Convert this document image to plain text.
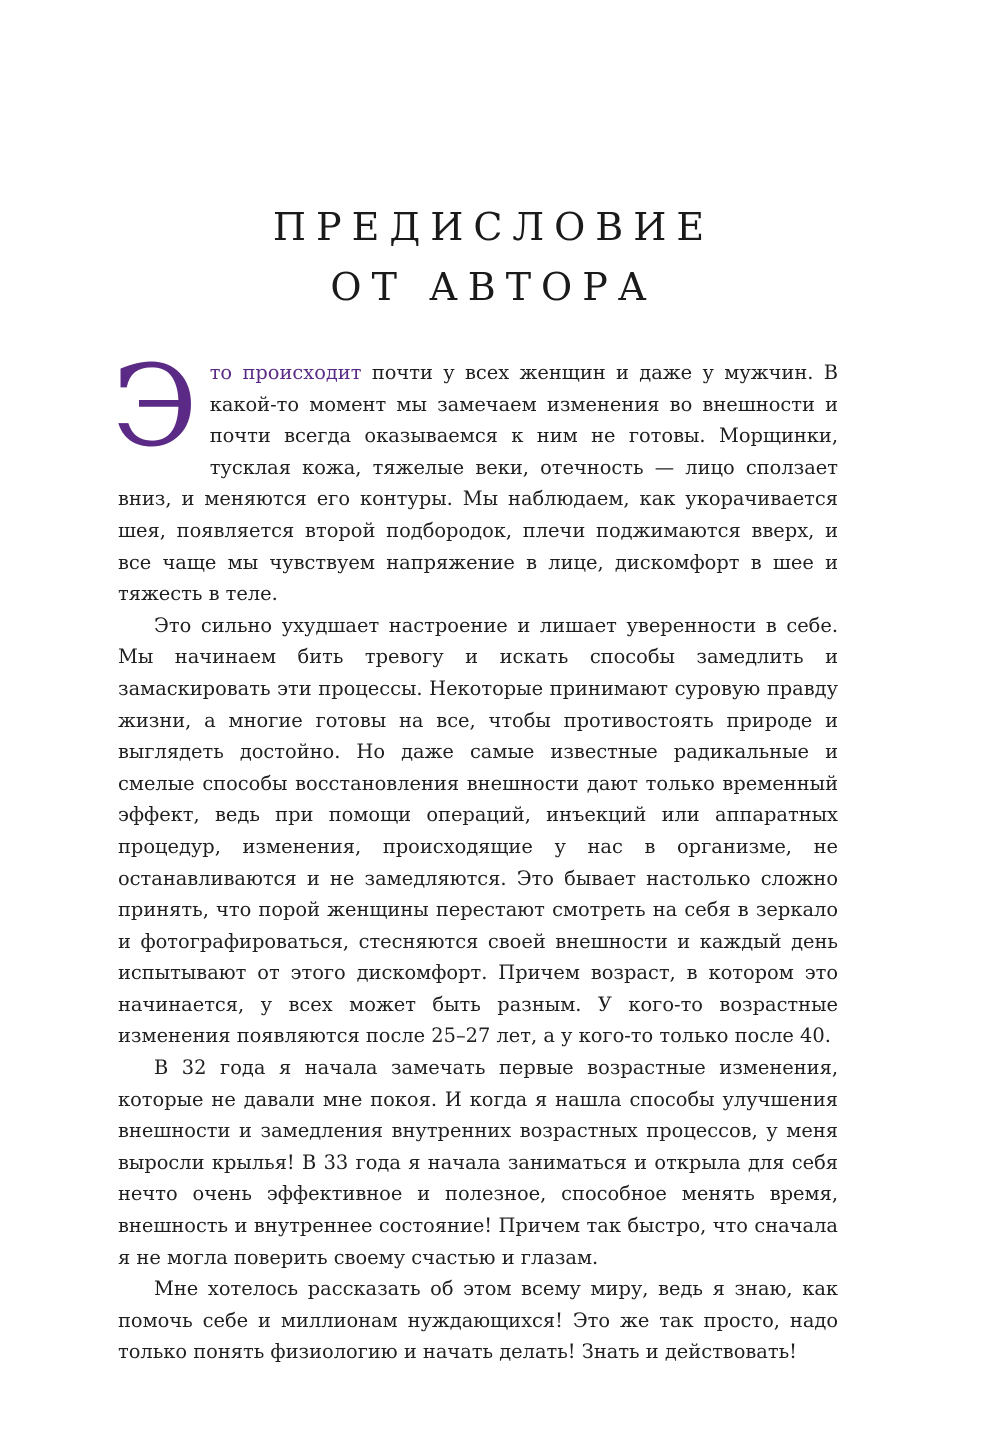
ПРЕДИСЛОВИЕ
ОТ АВТОРА

Это происходит почти у всех женщин и даже у мужчин. В какой-то момент мы замечаем изменения во внешности и почти всегда оказываемся к ним не готовы. Морщинки, тусклая кожа, тяжелые веки, отечность — лицо сползает вниз, и меняются его контуры. Мы наблюдаем, как укорачивается шея, появляется второй подбородок, плечи поджимаются вверх, и все чаще мы чувствуем напряжение в лице, дискомфорт в шее и тяжесть в теле.

Это сильно ухудшает настроение и лишает уверенности в себе. Мы начинаем бить тревогу и искать способы замедлить и замаскировать эти процессы. Некоторые принимают суровую правду жизни, а многие готовы на все, чтобы противостоять природе и выглядеть достойно. Но даже самые известные радикальные и смелые способы восстановления внешности дают только временный эффект, ведь при помощи операций, инъекций или аппаратных процедур, изменения, происходящие у нас в организме, не останавливаются и не замедляются. Это бывает настолько сложно принять, что порой женщины перестают смотреть на себя в зеркало и фотографироваться, стесняются своей внешности и каждый день испытывают от этого дискомфорт. Причем возраст, в котором это начинается, у всех может быть разным. У кого-то возрастные изменения появляются после 25–27 лет, а у кого-то только после 40.

В 32 года я начала замечать первые возрастные изменения, которые не давали мне покоя. И когда я нашла способы улучшения внешности и замедления внутренних возрастных процессов, у меня выросли крылья! В 33 года я начала заниматься и открыла для себя нечто очень эффективное и полезное, способное менять время, внешность и внутреннее состояние! Причем так быстро, что сначала я не могла поверить своему счастью и глазам.

Мне хотелось рассказать об этом всему миру, ведь я знаю, как помочь себе и миллионам нуждающихся! Это же так просто, надо только понять физиологию и начать делать! Знать и действовать!
